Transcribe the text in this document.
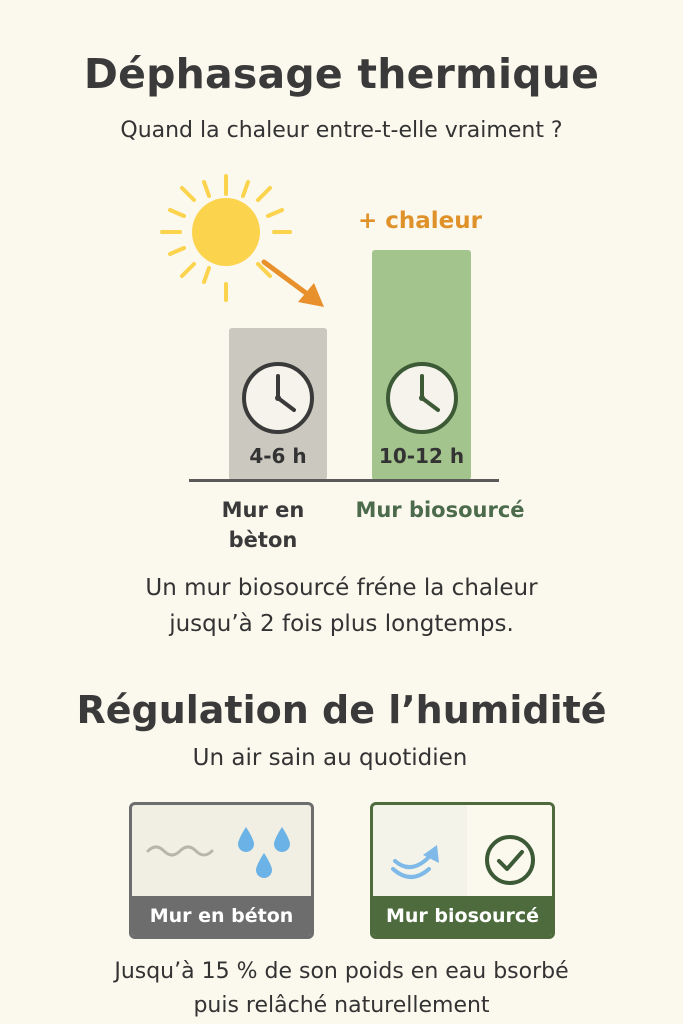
Déphasage thermique
Quand la chaleur entre-t-elle vraiment ?
+ chaleur
4-6 h	10-12 h
Mur en
bèton
Mur biosourcé
Un mur biosourcé fréne la chaleur
jusqu’à 2 fois plus longtemps.
Régulation de l’humidité
Un air sain au quotidien
Mur en béton	Mur biosourcé
Jusqu’à 15 % de son poids en eau bsorbé
puis relâché naturellement
